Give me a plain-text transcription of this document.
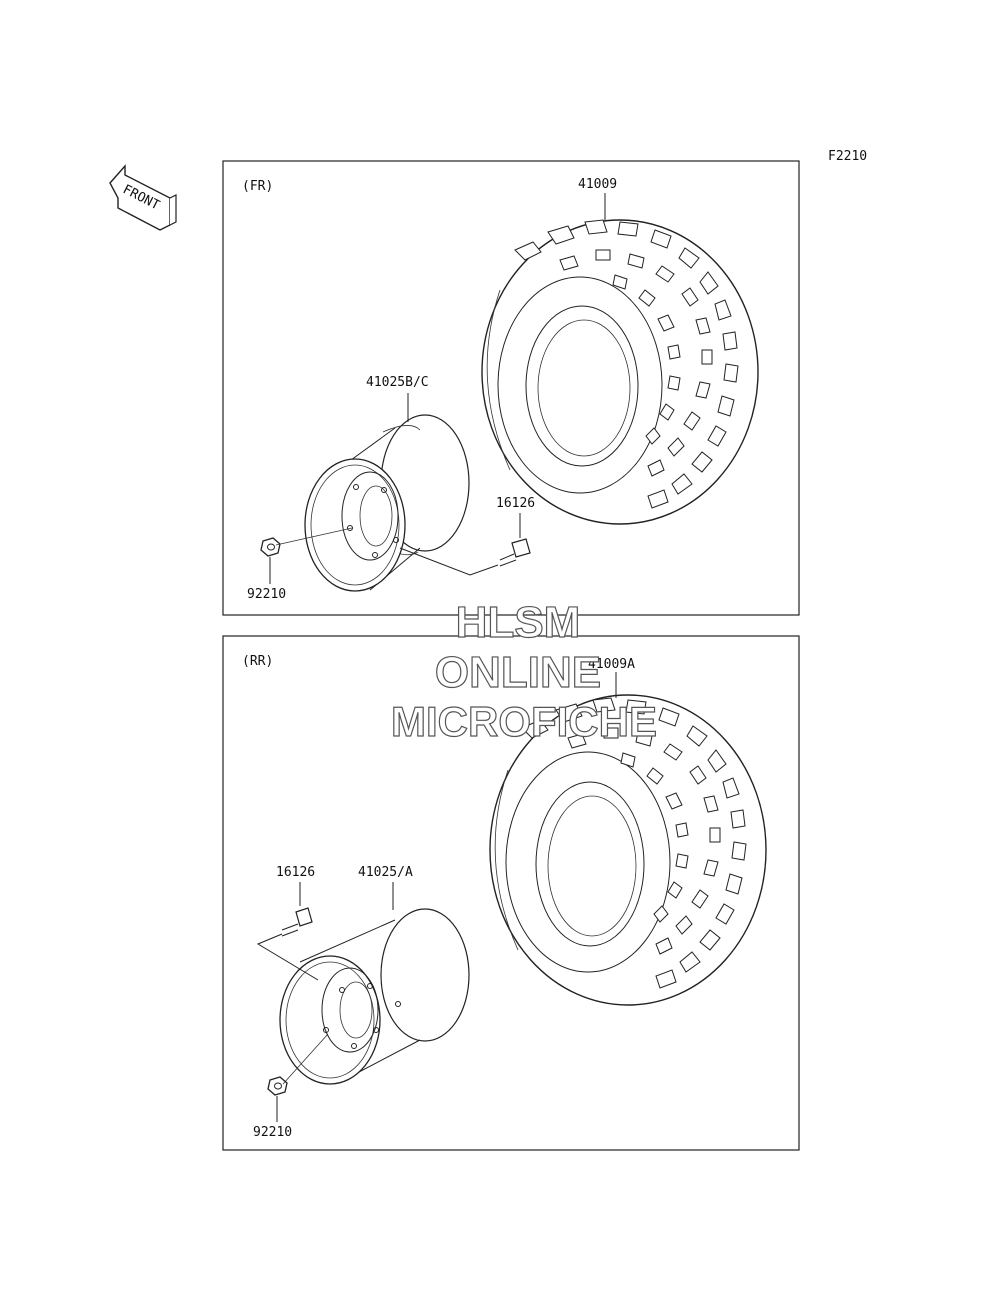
F2210
FRONT	(FR)	41009
41025B/C
16126
92210
(RR)	41009A
41025/A
16126
92210
HLSM
ONLINE
MICROFICHE
